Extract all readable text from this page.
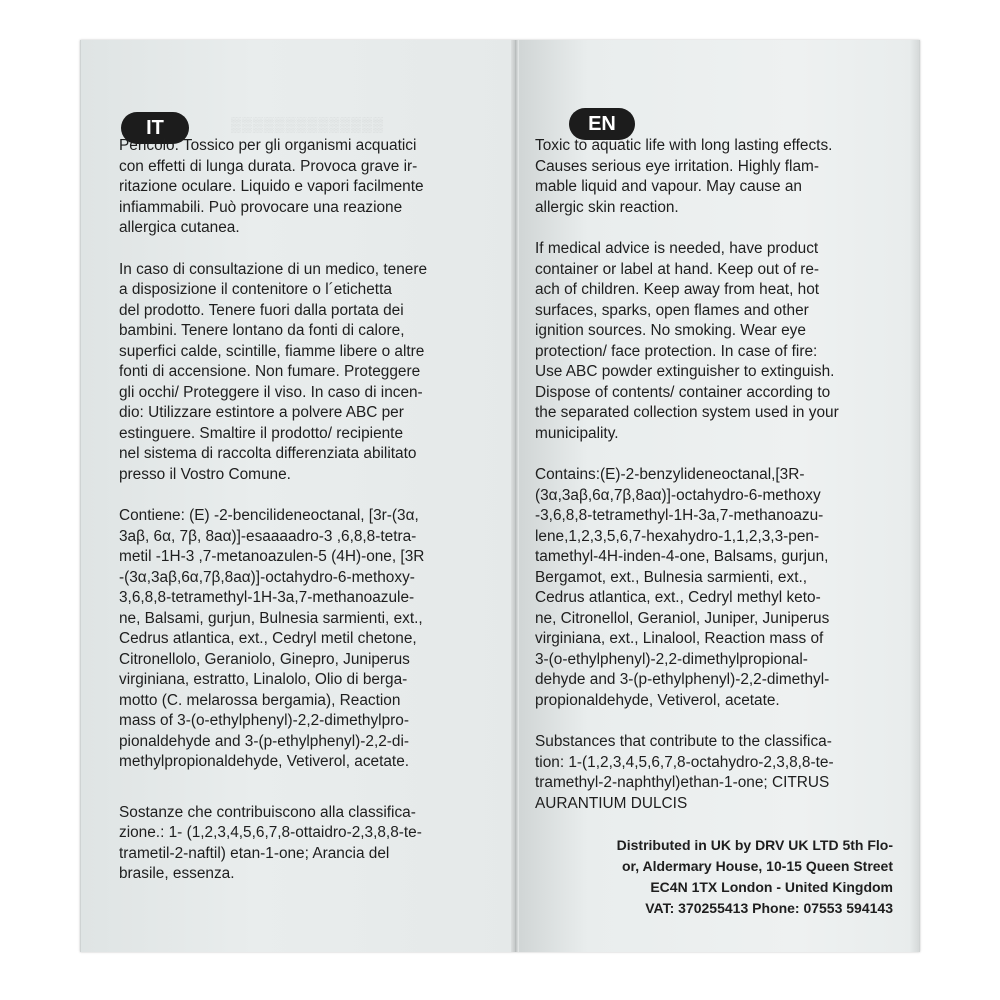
▒▒▒▒▒▒▒▒▒▒▒▒▒▒
IT

Pericolo. Tossico per gli organismi acquatici
con effetti di lunga durata. Provoca grave ir-
ritazione oculare. Liquido e vapori facilmente
infiammabili. Può provocare una reazione
allergica cutanea.

In caso di consultazione di un medico, tenere
a disposizione il contenitore o l´etichetta
del prodotto. Tenere fuori dalla portata dei
bambini. Tenere lontano da fonti di calore,
superfici calde, scintille, fiamme libere o altre
fonti di accensione. Non fumare. Proteggere
gli occhi/ Proteggere il viso. In caso di incen-
dio: Utilizzare estintore a polvere ABC per
estinguere. Smaltire il prodotto/ recipiente
nel sistema di raccolta differenziata abilitato
presso il Vostro Comune.

Contiene: (E) -2-bencilideneoctanal, [3r-(3α,
3aβ, 6α, 7β, 8aα)]-esaaaadro-3 ,6,8,8-tetra-
metil -1H-3 ,7-metanoazulen-5 (4H)-one, [3R
-(3α,3aβ,6α,7β,8aα)]-octahydro-6-methoxy-
3,6,8,8-tetramethyl-1H-3a,7-methanoazule-
ne, Balsami, gurjun, Bulnesia sarmienti, ext.,
Cedrus atlantica, ext., Cedryl metil chetone,
Citronellolo, Geraniolo, Ginepro, Juniperus
virginiana, estratto, Linalolo, Olio di berga-
motto (C. melarossa bergamia), Reaction
mass of 3-(o-ethylphenyl)-2,2-dimethylpro-
pionaldehyde and 3-(p-ethylphenyl)-2,2-di-
methylpropionaldehyde, Vetiverol, acetate.

Sostanze che contribuiscono alla classifica-
zione.: 1- (1,2,3,4,5,6,7,8-ottaidro-2,3,8,8-te-
trametil-2-naftil) etan-1-one; Arancia del
brasile, essenza.

EN

Toxic to aquatic life with long lasting effects.
Causes serious eye irritation. Highly flam-
mable liquid and vapour. May cause an
allergic skin reaction.

If medical advice is needed, have product
container or label at hand. Keep out of re-
ach of children. Keep away from heat, hot
surfaces, sparks, open flames and other
ignition sources. No smoking. Wear eye
protection/ face protection. In case of fire:
Use ABC powder extinguisher to extinguish.
Dispose of contents/ container according to
the separated collection system used in your
municipality.

Contains:(E)-2-benzylideneoctanal,[3R-
(3α,3aβ,6α,7β,8aα)]-octahydro-6-methoxy
-3,6,8,8-tetramethyl-1H-3a,7-methanoazu-
lene,1,2,3,5,6,7-hexahydro-1,1,2,3,3-pen-
tamethyl-4H-inden-4-one, Balsams, gurjun,
Bergamot, ext., Bulnesia sarmienti, ext.,
Cedrus atlantica, ext., Cedryl methyl keto-
ne, Citronellol, Geraniol, Juniper, Juniperus
virginiana, ext., Linalool, Reaction mass of
3-(o-ethylphenyl)-2,2-dimethylpropional-
dehyde and 3-(p-ethylphenyl)-2,2-dimethyl-
propionaldehyde, Vetiverol, acetate.

Substances that contribute to the classifica-
tion: 1-(1,2,3,4,5,6,7,8-octahydro-2,3,8,8-te-
tramethyl-2-naphthyl)ethan-1-one; CITRUS
AURANTIUM DULCIS

Distributed in UK by DRV UK LTD 5th Flo-
or, Aldermary House, 10-15 Queen Street
EC4N 1TX London - United Kingdom
VAT: 370255413 Phone: 07553 594143
